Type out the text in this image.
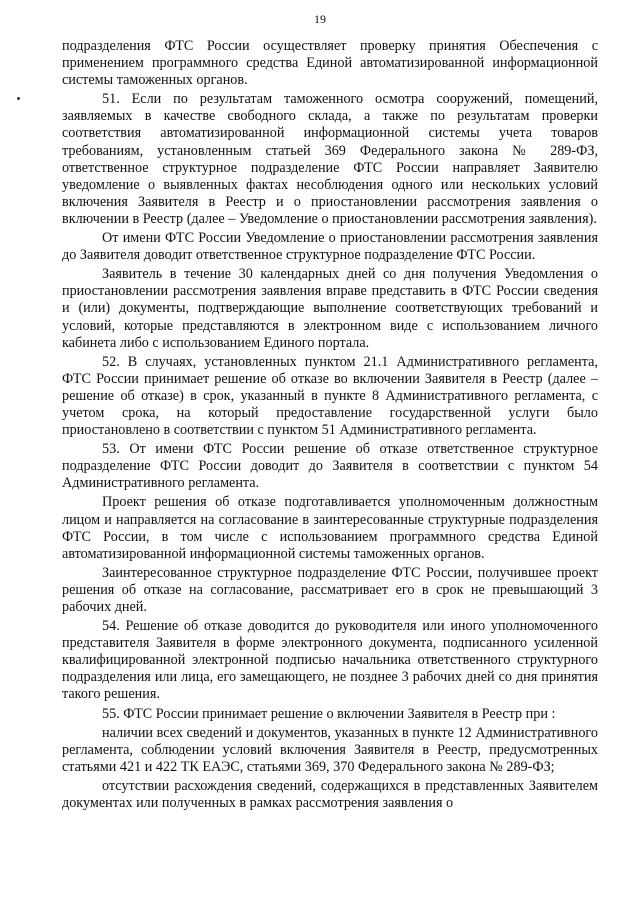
19

подразделения ФТС России осуществляет проверку принятия Обеспечения с применением программного средства Единой автоматизированной информационной системы таможенных органов.

51. Если по результатам таможенного осмотра сооружений, помещений, заявляемых в качестве свободного склада, а также по результатам проверки соответствия автоматизированной информационной системы учета товаров требованиям, установленным статьей 369 Федерального закона № 289-ФЗ, ответственное структурное подразделение ФТС России направляет Заявителю уведомление о выявленных фактах несоблюдения одного или нескольких условий включения Заявителя в Реестр и о приостановлении рассмотрения заявления о включении в Реестр (далее – Уведомление о приостановлении рассмотрения заявления).

От имени ФТС России Уведомление о приостановлении рассмотрения заявления до Заявителя доводит ответственное структурное подразделение ФТС России.

Заявитель в течение 30 календарных дней со дня получения Уведомления о приостановлении рассмотрения заявления вправе представить в ФТС России сведения и (или) документы, подтверждающие выполнение соответствующих требований и условий, которые представляются в электронном виде с использованием личного кабинета либо с использованием Единого портала.

52. В случаях, установленных пунктом 21.1 Административного регламента, ФТС России принимает решение об отказе во включении Заявителя в Реестр (далее – решение об отказе) в срок, указанный в пункте 8 Административного регламента, с учетом срока, на который предоставление государственной услуги было приостановлено в соответствии с пунктом 51 Административного регламента.

53. От имени ФТС России решение об отказе ответственное структурное подразделение ФТС России доводит до Заявителя в соответствии с пунктом 54 Административного регламента.

Проект решения об отказе подготавливается уполномоченным должностным лицом и направляется на согласование в заинтересованные структурные подразделения ФТС России, в том числе с использованием программного средства Единой автоматизированной информационной системы таможенных органов.

Заинтересованное структурное подразделение ФТС России, получившее проект решения об отказе на согласование, рассматривает его в срок не превышающий 3 рабочих дней.

54. Решение об отказе доводится до руководителя или иного уполномоченного представителя Заявителя в форме электронного документа, подписанного усиленной квалифицированной электронной подписью начальника ответственного структурного подразделения или лица, его замещающего, не позднее 3 рабочих дней со дня принятия такого решения.

55. ФТС России принимает решение о включении Заявителя в Реестр при :

наличии всех сведений и документов, указанных в пункте 12 Административного регламента, соблюдении условий включения Заявителя в Реестр, предусмотренных статьями 421 и 422 ТК ЕАЭС, статьями 369, 370 Федерального закона № 289-ФЗ;

отсутствии расхождения сведений, содержащихся в представленных Заявителем документах или полученных в рамках рассмотрения заявления о
